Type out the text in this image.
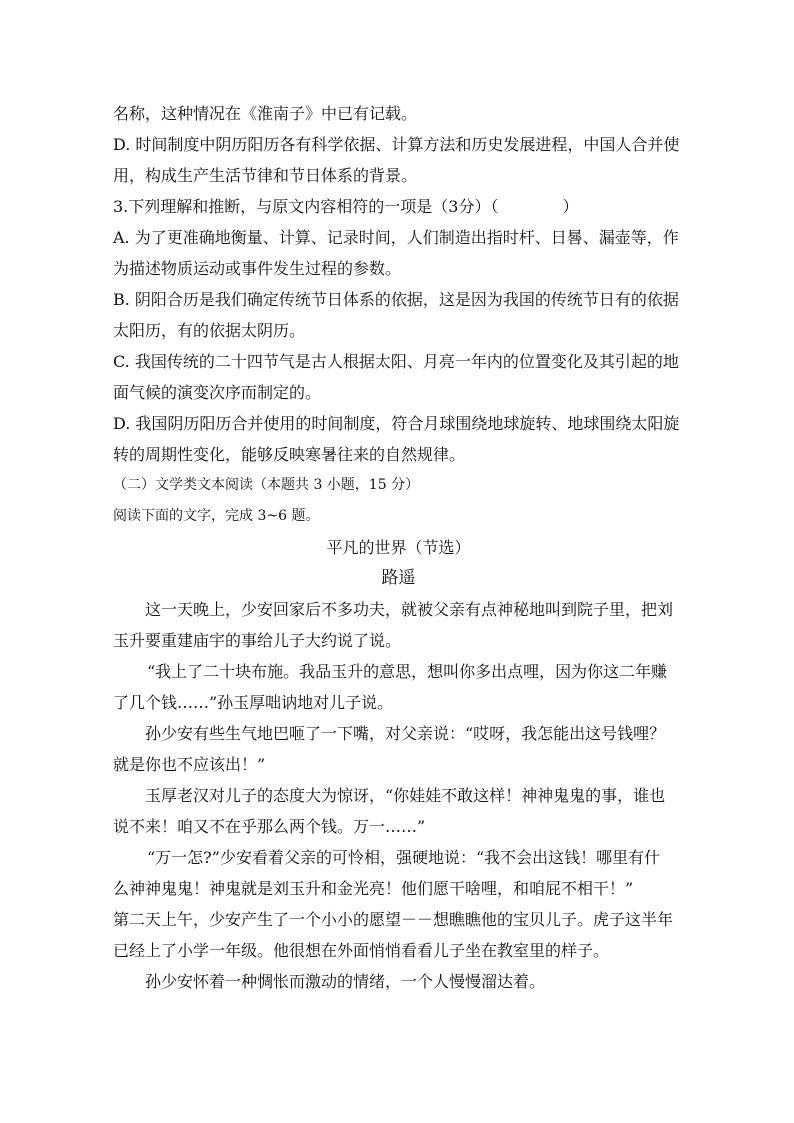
名称，这种情况在《淮南子》中已有记载。

D. 时间制度中阴历阳历各有科学依据、计算方法和历史发展进程，中国人合并使

用，构成生产生活节律和节日体系的背景。

3.下列理解和推断，与原文内容相符的一项是（3分）（　　　　）

A. 为了更准确地衡量、计算、记录时间，人们制造出指时杆、日晷、漏壶等，作

为描述物质运动或事件发生过程的参数。

B. 阴阳合历是我们确定传统节日体系的依据，这是因为我国的传统节日有的依据

太阳历，有的依据太阴历。

C. 我国传统的二十四节气是古人根据太阳、月亮一年内的位置变化及其引起的地

面气候的演变次序而制定的。

D. 我国阴历阳历合并使用的时间制度，符合月球围绕地球旋转、地球围绕太阳旋

转的周期性变化，能够反映寒暑往来的自然规律。

（二）文学类文本阅读（本题共 3 小题，15 分）

阅读下面的文字，完成 3~6 题。

平凡的世界（节选）

路遥

这一天晚上，少安回家后不多功夫，就被父亲有点神秘地叫到院子里，把刘

玉升要重建庙宇的事给儿子大约说了说。

“我上了二十块布施。我品玉升的意思，想叫你多出点哩，因为你这二年赚

了几个钱……”孙玉厚咄讷地对儿子说。

孙少安有些生气地巴咂了一下嘴，对父亲说：“哎呀，我怎能出这号钱哩？

就是你也不应该出！”

玉厚老汉对儿子的态度大为惊讶，“你娃娃不敢这样！神神鬼鬼的事，谁也

说不来！咱又不在乎那么两个钱。万一……”

“万一怎?”少安看着父亲的可怜相，强硬地说：“我不会出这钱！哪里有什

么神神鬼鬼！神鬼就是刘玉升和金光亮！他们愿干啥哩，和咱屁不相干！”

第二天上午，少安产生了一个小小的愿望－－想瞧瞧他的宝贝儿子。虎子这半年

已经上了小学一年级。他很想在外面悄悄看看儿子坐在教室里的样子。

孙少安怀着一种惆怅而激动的情绪，一个人慢慢溜达着。
